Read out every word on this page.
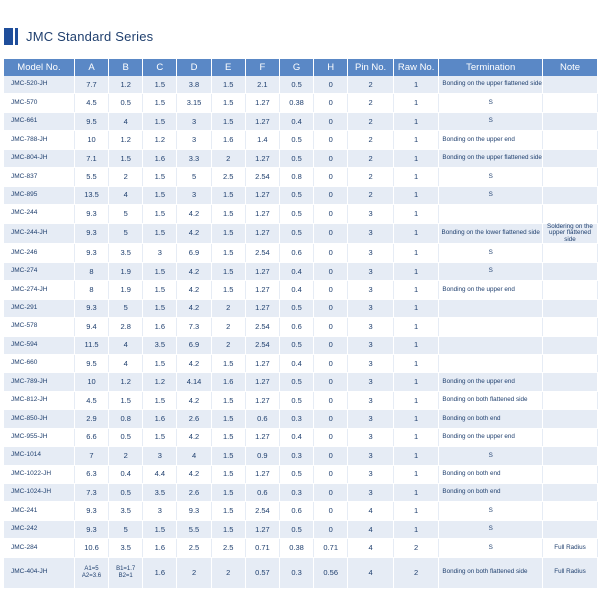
JMC Standard Series
Model No.	A	B	C	D	E	F	G	H	Pin No.	Raw No.	Termination	Note
JMC-520-JH	7.7	1.2	1.5	3.8	1.5	2.1	0.5	0	2	1	Bonding on the upper flattened side	
JMC-570	4.5	0.5	1.5	3.15	1.5	1.27	0.38	0	2	1	S	
JMC-661	9.5	4	1.5	3	1.5	1.27	0.4	0	2	1	S	
JMC-788-JH	10	1.2	1.2	3	1.6	1.4	0.5	0	2	1	Bonding on the upper end	
JMC-804-JH	7.1	1.5	1.6	3.3	2	1.27	0.5	0	2	1	Bonding on the upper flattened side	
JMC-837	5.5	2	1.5	5	2.5	2.54	0.8	0	2	1	S	
JMC-895	13.5	4	1.5	3	1.5	1.27	0.5	0	2	1	S	
JMC-244	9.3	5	1.5	4.2	1.5	1.27	0.5	0	3	1		
JMC-244-JH	9.3	5	1.5	4.2	1.5	1.27	0.5	0	3	1	Bonding on the lower flattened side	Soldering on the upper flattened side
JMC-246	9.3	3.5	3	6.9	1.5	2.54	0.6	0	3	1	S	
JMC-274	8	1.9	1.5	4.2	1.5	1.27	0.4	0	3	1	S	
JMC-274-JH	8	1.9	1.5	4.2	1.5	1.27	0.4	0	3	1	Bonding on the upper end	
JMC-291	9.3	5	1.5	4.2	2	1.27	0.5	0	3	1		
JMC-578	9.4	2.8	1.6	7.3	2	2.54	0.6	0	3	1		
JMC-594	11.5	4	3.5	6.9	2	2.54	0.5	0	3	1		
JMC-660	9.5	4	1.5	4.2	1.5	1.27	0.4	0	3	1		
JMC-789-JH	10	1.2	1.2	4.14	1.6	1.27	0.5	0	3	1	Bonding on the upper end	
JMC-812-JH	4.5	1.5	1.5	4.2	1.5	1.27	0.5	0	3	1	Bonding on both flattened side	
JMC-850-JH	2.9	0.8	1.6	2.6	1.5	0.6	0.3	0	3	1	Bonding on both end	
JMC-955-JH	6.6	0.5	1.5	4.2	1.5	1.27	0.4	0	3	1	Bonding on the upper end	
JMC-1014	7	2	3	4	1.5	0.9	0.3	0	3	1	S	
JMC-1022-JH	6.3	0.4	4.4	4.2	1.5	1.27	0.5	0	3	1	Bonding on both end	
JMC-1024-JH	7.3	0.5	3.5	2.6	1.5	0.6	0.3	0	3	1	Bonding on both end	
JMC-241	9.3	3.5	3	9.3	1.5	2.54	0.6	0	4	1	S	
JMC-242	9.3	5	1.5	5.5	1.5	1.27	0.5	0	4	1	S	
JMC-284	10.6	3.5	1.6	2.5	2.5	0.71	0.38	0.71	4	2	S	Full Radius
JMC-404-JH	A1=5 A2=3.6	B1=1.7 B2=1	1.6	2	2	0.57	0.3	0.56	4	2	Bonding on both flattened side	Full Radius
